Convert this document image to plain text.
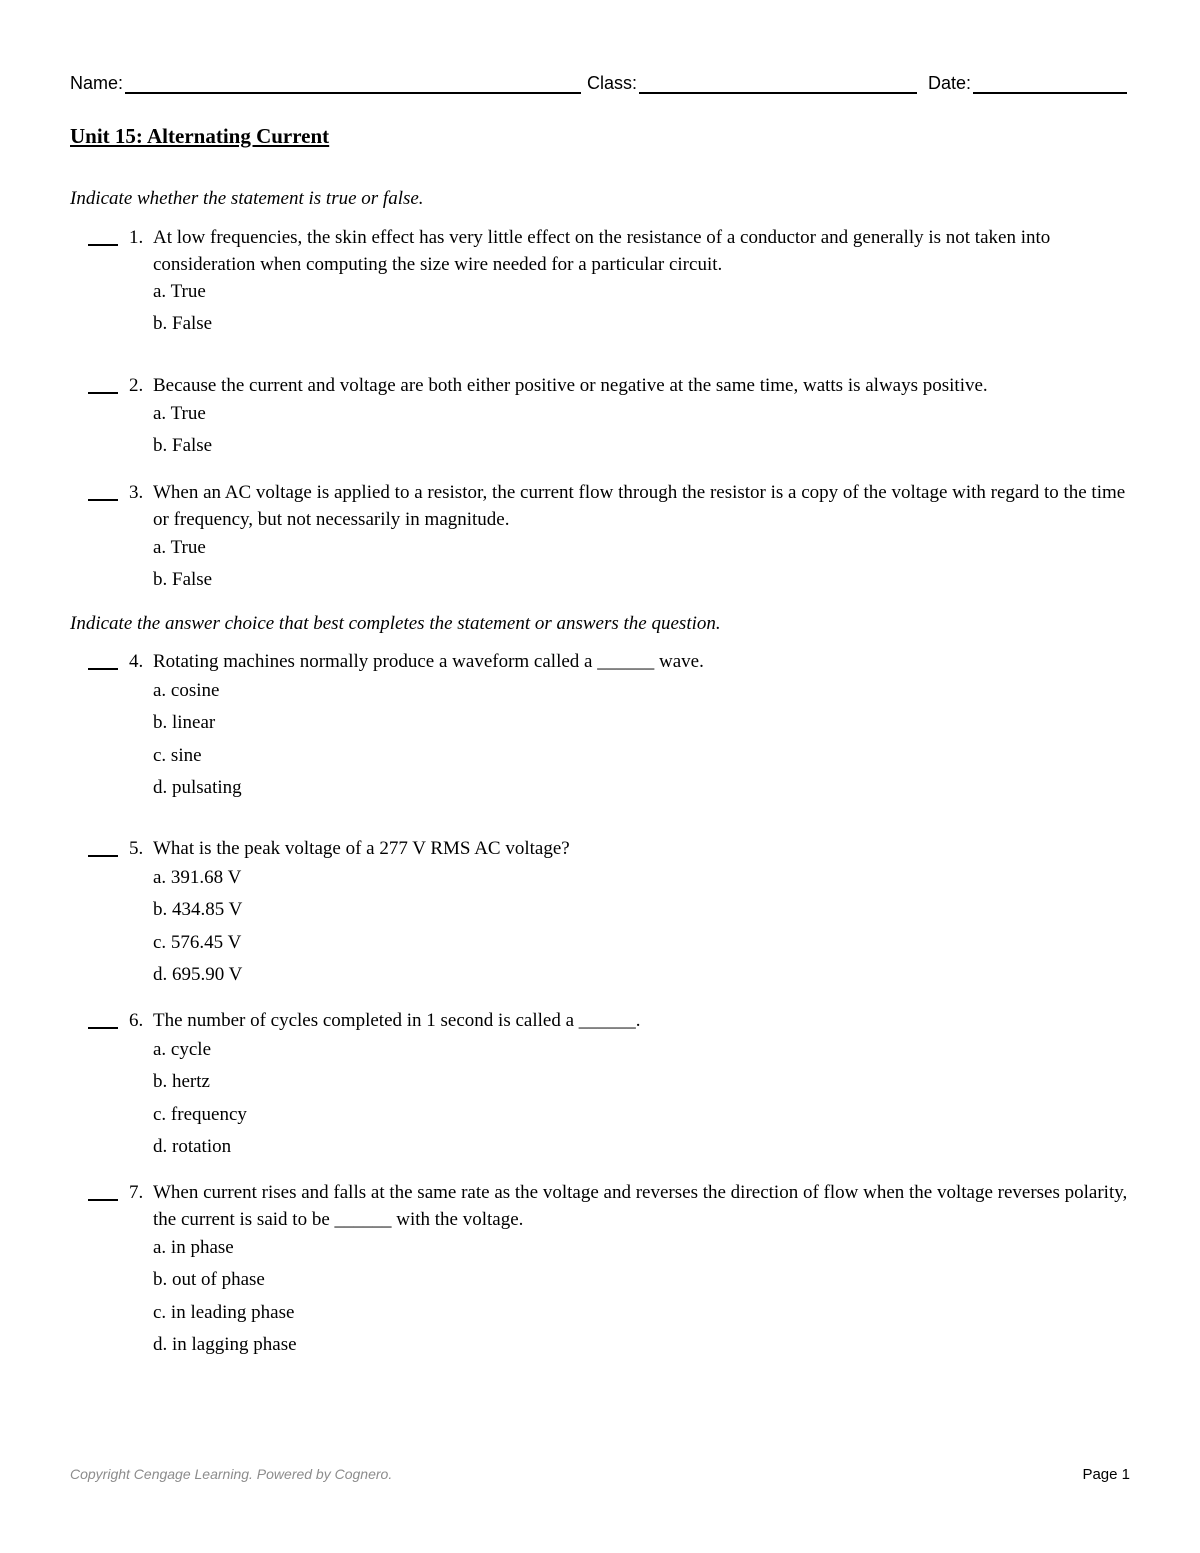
Name:	Class:	Date:
Unit 15: Alternating Current
Indicate whether the statement is true or false.
1. At low frequencies, the skin effect has very little effect on the resistance of a conductor and generally is not taken into consideration when computing the size wire needed for a particular circuit.
a. True
b. False
2. Because the current and voltage are both either positive or negative at the same time, watts is always positive.
a. True
b. False
3. When an AC voltage is applied to a resistor, the current flow through the resistor is a copy of the voltage with regard to the time or frequency, but not necessarily in magnitude.
a. True
b. False
Indicate the answer choice that best completes the statement or answers the question.
4. Rotating machines normally produce a waveform called a ______ wave.
a. cosine
b. linear
c. sine
d. pulsating
5. What is the peak voltage of a 277 V RMS AC voltage?
a. 391.68 V
b. 434.85 V
c. 576.45 V
d. 695.90 V
6. The number of cycles completed in 1 second is called a ______.
a. cycle
b. hertz
c. frequency
d. rotation
7. When current rises and falls at the same rate as the voltage and reverses the direction of flow when the voltage reverses polarity, the current is said to be ______ with the voltage.
a. in phase
b. out of phase
c. in leading phase
d. in lagging phase
Copyright Cengage Learning. Powered by Cognero.	Page 1
